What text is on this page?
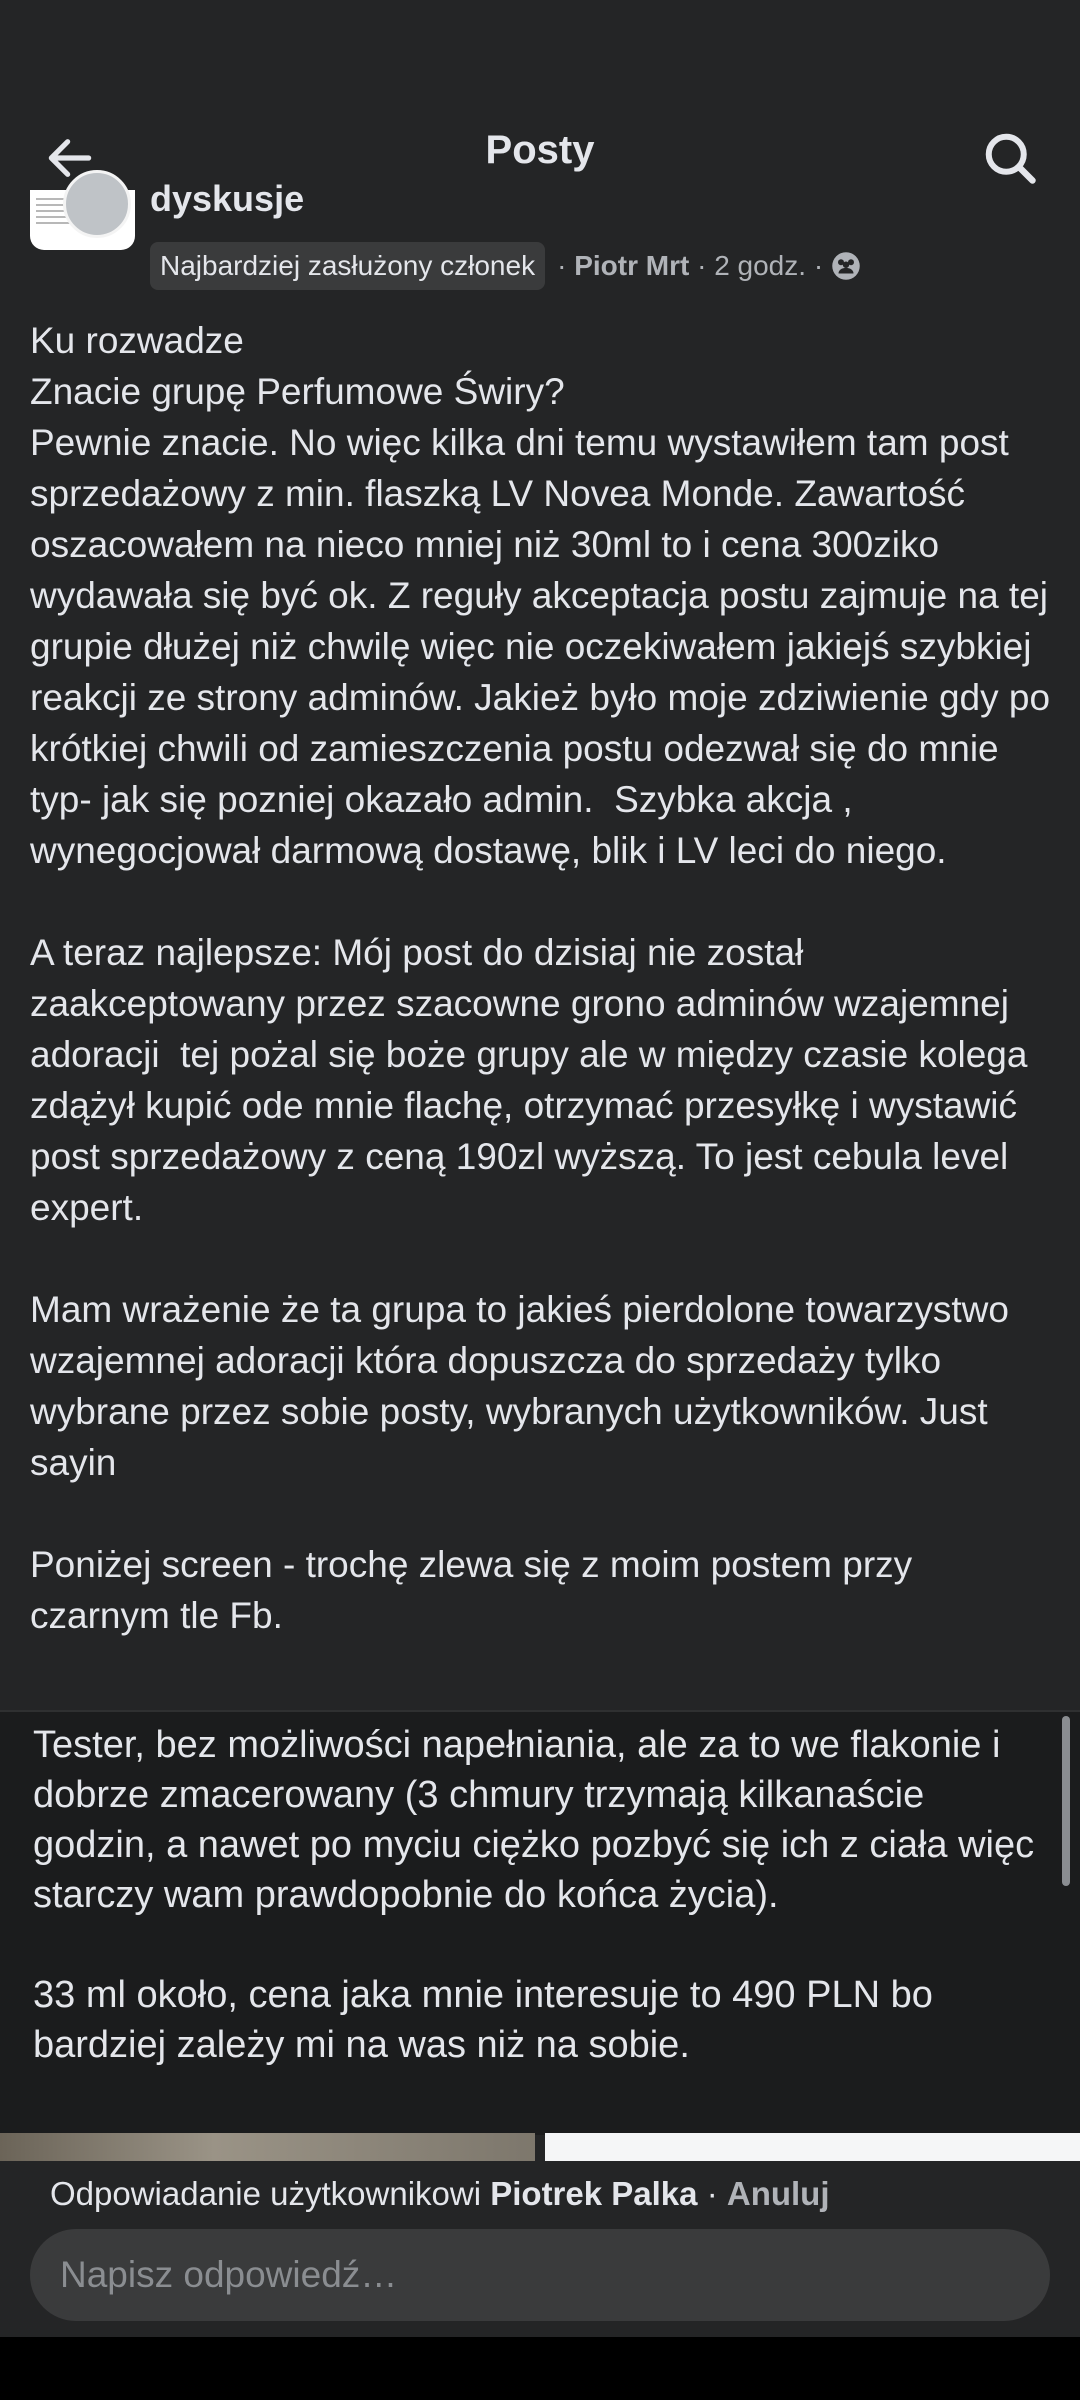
Posty
dyskusje
Najbardziej zasłużony członek ·
Piotr Mrt
·
2 godz.
·
Ku rozwadze
Znacie grupę Perfumowe Świry?
Pewnie znacie. No więc kilka dni temu wystawiłem tam post sprzedażowy z min. flaszką LV Novea Monde. Zawartość oszacowałem na nieco mniej niż 30ml to i cena 300ziko wydawała się być ok. Z reguły akceptacja postu zajmuje na tej grupie dłużej niż chwilę więc nie oczekiwałem jakiejś szybkiej reakcji ze strony adminów. Jakież było moje zdziwienie gdy po krótkiej chwili od zamieszczenia postu odezwał się do mnie typ- jak się pozniej okazało admin.  Szybka akcja , wynegocjował darmową dostawę, blik i LV leci do niego.

A teraz najlepsze: Mój post do dzisiaj nie został zaakceptowany przez szacowne grono adminów wzajemnej adoracji  tej pożal się boże grupy ale w między czasie kolega zdążył kupić ode mnie flachę, otrzymać przesyłkę i wystawić post sprzedażowy z ceną 190zl wyższą. To jest cebula level expert.

Mam wrażenie że ta grupa to jakieś pierdolone towarzystwo wzajemnej adoracji która dopuszcza do sprzedaży tylko wybrane przez sobie posty, wybranych użytkowników. Just sayin

Poniżej screen - trochę zlewa się z moim postem przy czarnym tle Fb.
Tester, bez możliwości napełniania, ale za to we flakonie i dobrze zmacerowany (3 chmury trzymają kilkanaście godzin, a nawet po myciu ciężko pozbyć się ich z ciała więc starczy wam prawdopobnie do końca życia).

33 ml około, cena jaka mnie interesuje to 490 PLN bo bardziej zależy mi na was niż na sobie.
Odpowiadanie użytkownikowi Piotrek Palka · Anuluj
Napisz odpowiedź…
